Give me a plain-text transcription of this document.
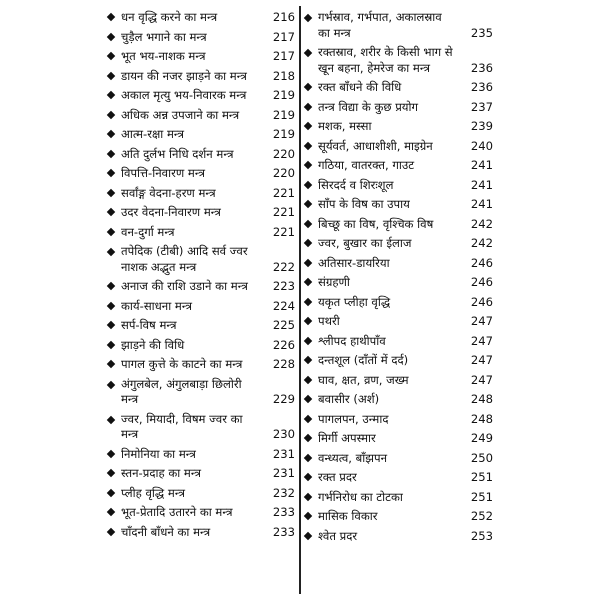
धन वृद्धि करने का मन्त्र	216
चुड़ैल भगाने का मन्त्र	217
भूत भय-नाशक मन्त्र	217
डायन की नजर झाड़ने का मन्त्र 218
अकाल मृत्यु भय-निवारक मन्त्र 219
अधिक अन्न उपजाने का मन्त्र	219
आत्म-रक्षा मन्त्र	219
अति दुर्लभ निधि दर्शन मन्त्र	220
विपत्ति-निवारण मन्त्र	220
सर्वांङ्ग वेदना-हरण मन्त्र	221
उदर वेदना-निवारण मन्त्र	221
वन-दुर्गा मन्त्र	221
तपेदिक (टीबी) आदि सर्व ज्वर
नाशक अद्भुत मन्त्र	222
अनाज की राशि उडाने का मन्त्र 223
कार्य-साधना मन्त्र	224
सर्प-विष मन्त्र	225
झाड़ने की विधि	226
पागल कुत्ते के काटने का मन्त्र	228
अंगुलबेल, अंगुलबाड़ा छिलोरी
मन्त्र	229
ज्वर, मियादी, विषम ज्वर का
मन्त्र	230
निमोनिया का मन्त्र	231
स्तन-प्रदाह का मन्त्र	231
प्लीह वृद्धि मन्त्र	232
भूत-प्रेतादि उतारने का मन्त्र	233
चाँदनी बाँधने का मन्त्र	233
गर्भस्राव, गर्भपात, अकालस्राव
का मन्त्र	235
रक्तस्राव, शरीर के किसी भाग से
खून बहना, हेमरेज का मन्त्र	236
रक्त बाँधने की विधि	236
तन्त्र विद्या के कुछ प्रयोग	237
मशक, मस्सा	239
सूर्यवर्त, आधाशीशी, माइग्रेन	240
गठिया, वातरक्त, गाउट	241
सिरदर्द व शिरःशूल	241
साँप के विष का उपाय	241
बिच्छू का विष, वृश्चिक विष	242
ज्वर, बुखार का ईलाज	242
अतिसार-डायरिया	246
संग्रहणी	246
यकृत प्लीहा वृद्धि	246
पथरी	247
श्लीपद हाथीपाँव	247
दन्तशूल (दाँतों में दर्द)	247
घाव, क्षत, व्रण, जख्म	247
बवासीर (अर्श)	248
पागलपन, उन्माद	248
मिर्गी अपस्मार	249
वन्ध्यत्व, बाँझपन	250
रक्त प्रदर	251
गर्भनिरोध का टोटका	251
मासिक विकार	252
श्वेत प्रदर	253
